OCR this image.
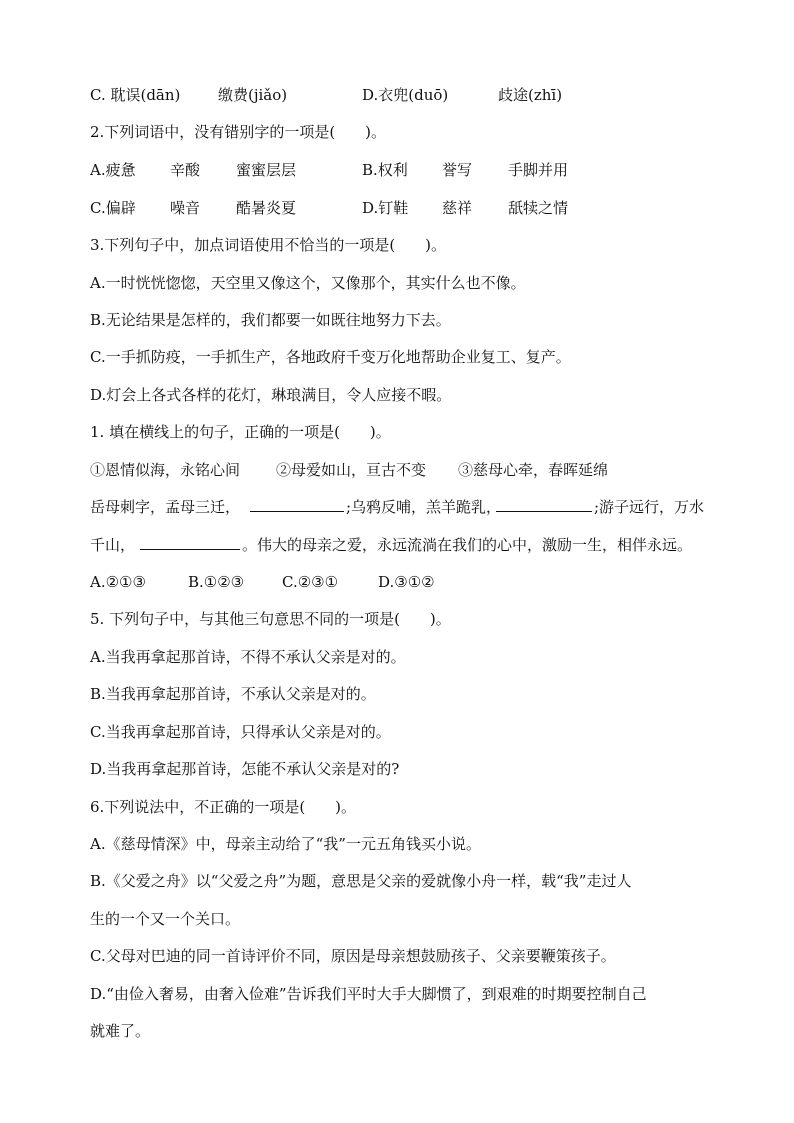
C. 耽误(dān)	缴费(jiǎo)	D.衣兜(duō)	歧途(zhī)
2.下列词语中，没有错别字的一项是(　　)。
A.疲惫 辛酸 蜜蜜层层	B.权利 誉写 手脚并用
C.偏辟 噪音 酷暑炎夏	D.钉鞋 慈祥 舐犊之情
3.下列句子中，加点词语使用不恰当的一项是(　　)。
A.一时恍恍惚惚，天空里又像这个，又像那个，其实什么也不像。
B.无论结果是怎样的，我们都要一如既往地努力下去。
C.一手抓防疫，一手抓生产，各地政府千变万化地帮助企业复工、复产。
D.灯会上各式各样的花灯，琳琅满目，令人应接不暇。
1. 填在横线上的句子，正确的一项是(　　)。
①恩情似海，永铭心间 ②母爱如山，亘古不变 ③慈母心牵，春晖延绵
岳母刺字，孟母三迁，	;乌鸦反哺，羔羊跪乳，	;游子远行，万水
千山，	。伟大的母亲之爱，永远流淌在我们的心中，激励一生，相伴永远。
A.②①③	B.①②③	C.②③①	D.③①②
5. 下列句子中，与其他三句意思不同的一项是(　　)。
A.当我再拿起那首诗，不得不承认父亲是对的。
B.当我再拿起那首诗，不承认父亲是对的。
C.当我再拿起那首诗，只得承认父亲是对的。
D.当我再拿起那首诗，怎能不承认父亲是对的?
6.下列说法中，不正确的一项是(　　)。
A.《慈母情深》中，母亲主动给了“我”一元五角钱买小说。
B.《父爱之舟》以“父爱之舟”为题，意思是父亲的爱就像小舟一样，载“我”走过人
生的一个又一个关口。
C.父母对巴迪的同一首诗评价不同，原因是母亲想鼓励孩子、父亲要鞭策孩子。
D.“由俭入奢易，由奢入俭难”告诉我们平时大手大脚惯了，到艰难的时期要控制自己
就难了。
